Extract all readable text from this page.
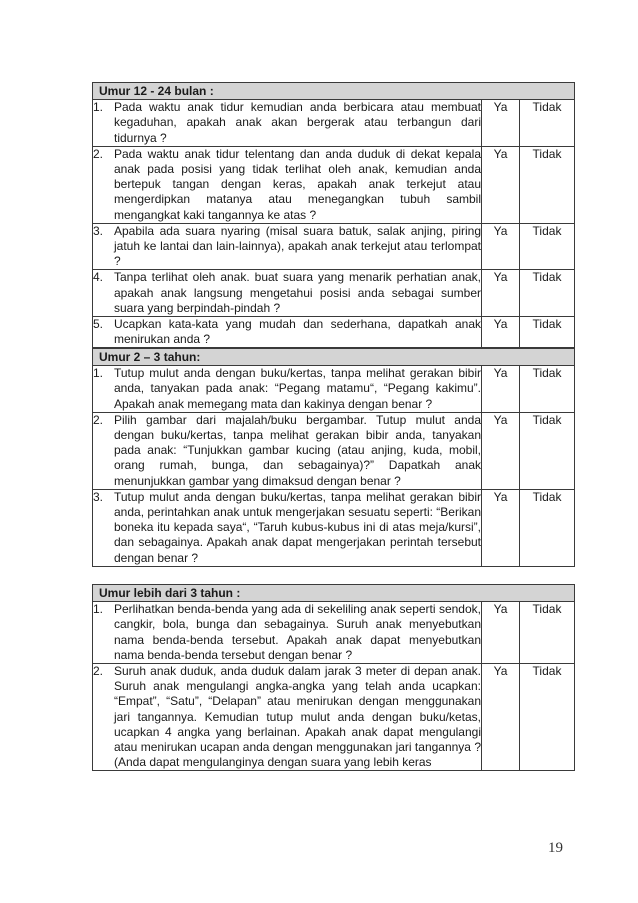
Umur 12 - 24 bulan :		

1. Pada waktu anak tidur kemudian anda berbicara atau membuat kegaduhan, apakah anak akan bergerak atau terbangun dari tidurnya ?	Ya	Tidak

2. Pada waktu anak tidur telentang dan anda duduk di dekat kepala anak pada posisi yang tidak terlihat oleh anak, kemudian anda bertepuk tangan dengan keras, apakah anak terkejut atau mengerdipkan matanya atau menegangkan tubuh sambil mengangkat kaki tangannya ke atas ?	Ya	Tidak

3. Apabila ada suara nyaring (misal suara batuk, salak anjing, piring jatuh ke lantai dan lain-lainnya), apakah anak terkejut atau terlompat ?	Ya	Tidak

4. Tanpa terlihat oleh anak. buat suara yang menarik perhatian anak, apakah anak langsung mengetahui posisi anda sebagai sumber suara yang berpindah-pindah ?	Ya	Tidak

5. Ucapkan kata-kata yang mudah dan sederhana, dapatkah anak menirukan anda ?	Ya	Tidak
Umur 2 – 3 tahun:		

1. Tutup mulut anda dengan buku/kertas, tanpa melihat gerakan bibir anda, tanyakan pada anak: “Pegang matamu“, “Pegang kakimu”. Apakah anak memegang mata dan kakinya dengan benar ?	Ya	Tidak

2. Pilih gambar dari majalah/buku bergambar. Tutup mulut anda dengan buku/kertas, tanpa melihat gerakan bibir anda, tanyakan pada anak: “Tunjukkan gambar kucing (atau anjing, kuda, mobil, orang rumah, bunga, dan sebagainya)?” Dapatkah anak menunjukkan gambar yang dimaksud dengan benar ?	Ya	Tidak

3. Tutup mulut anda dengan buku/kertas, tanpa melihat gerakan bibir anda, perintahkan anak untuk mengerjakan sesuatu seperti: “Berikan boneka itu kepada saya“, “Taruh kubus-kubus ini di atas meja/kursi”, dan sebagainya. Apakah anak dapat mengerjakan perintah tersebut dengan benar ?	Ya	Tidak
Umur lebih dari 3 tahun :		

1. Perlihatkan benda-benda yang ada di sekeliling anak seperti sendok, cangkir, bola, bunga dan sebagainya. Suruh anak menyebutkan nama benda-benda tersebut. Apakah anak dapat menyebutkan nama benda-benda tersebut dengan benar ?	Ya	Tidak

2. Suruh anak duduk, anda duduk dalam jarak 3 meter di depan anak. Suruh anak mengulangi angka-angka yang telah anda ucapkan: “Empat”, “Satu”, “Delapan” atau menirukan dengan menggunakan jari tangannya. Kemudian tutup mulut anda dengan buku/ketas, ucapkan 4 angka yang berlainan. Apakah anak dapat mengulangi atau menirukan ucapan anda dengan menggunakan jari tangannya ? (Anda dapat mengulanginya dengan suara yang lebih keras	Ya	Tidak
19
